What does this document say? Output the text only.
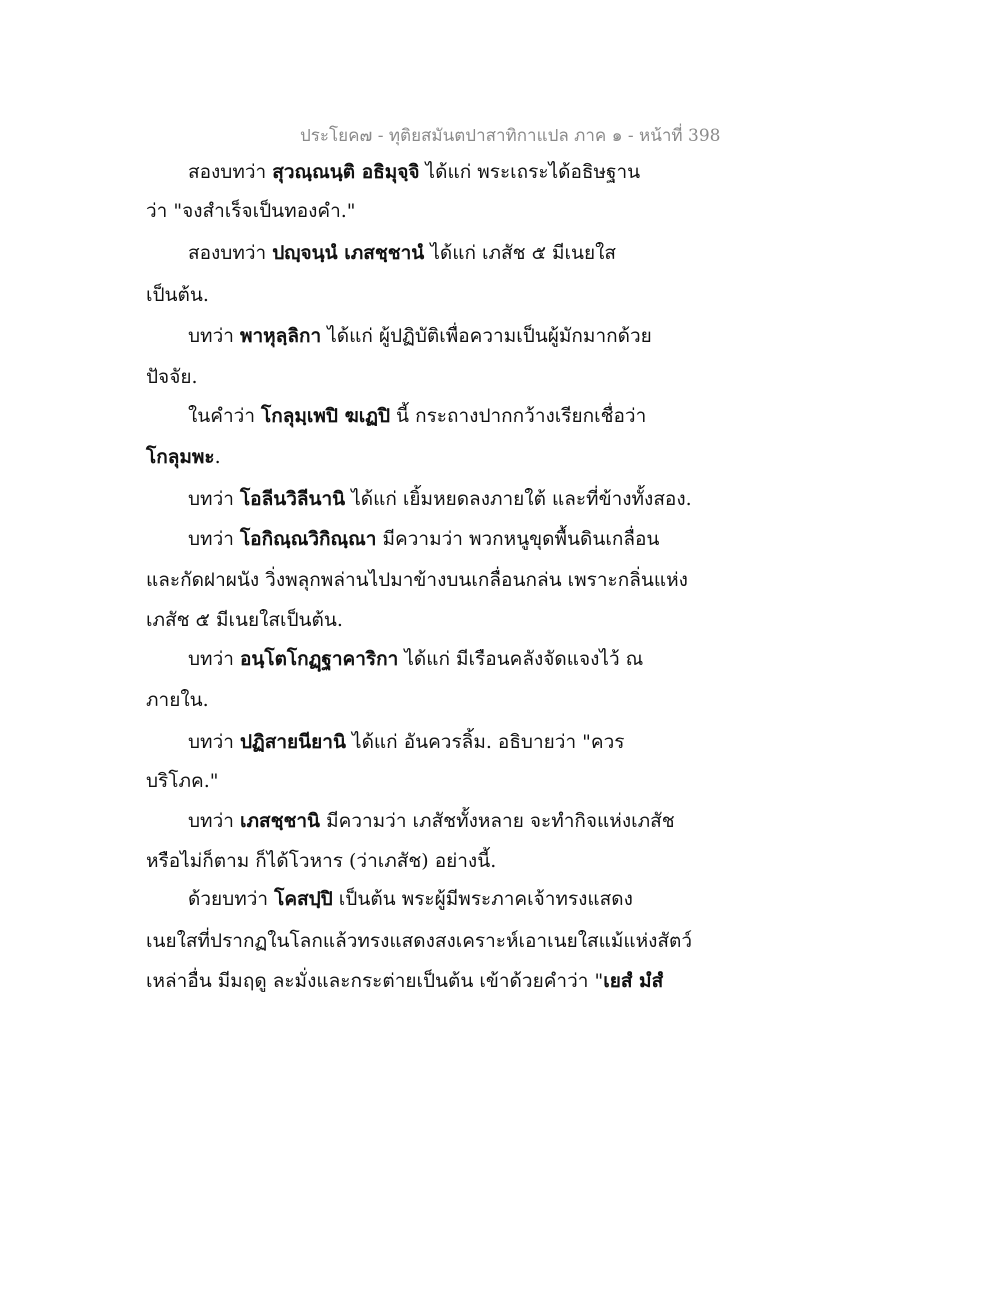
ประโยค๗ - ทุติยสมันตปาสาทิกาแปล ภาค ๑ - หน้าที่ 398
สองบทว่า สุวณฺณนฺติ อธิมุจฺจิ ได้แก่ พระเถระได้อธิษฐาน
ว่า "จงสำเร็จเป็นทองคำ."
สองบทว่า ปญฺจนฺนํ เภสชฺชานํ ได้แก่ เภสัช ๕ มีเนยใส
เป็นต้น.
บทว่า พาหุลฺลิกา ได้แก่ ผู้ปฏิบัติเพื่อความเป็นผู้มักมากด้วย
ปัจจัย.
ในคำว่า โกลุมฺเพปิ ฆเฏปิ นี้ กระถางปากกว้างเรียกเชื่อว่า
โกลุมพะ.
บทว่า โอลีนวิลีนานิ ได้แก่ เยิ้มหยดลงภายใต้ และที่ข้างทั้งสอง.
บทว่า โอกิณฺณวิกิณฺณา มีความว่า พวกหนูขุดพื้นดินเกลื่อน
และกัดฝาผนัง วิ่งพลุกพล่านไปมาข้างบนเกลื่อนกล่น เพราะกลิ่นแห่ง
เภสัช ๕ มีเนยใสเป็นต้น.
บทว่า อนฺโตโกฏฺฐาคาริกา ได้แก่ มีเรือนคลังจัดแจงไว้ ณ
ภายใน.
บทว่า ปฏิสายนียานิ ได้แก่ อันควรลิ้ม. อธิบายว่า "ควร
บริโภค."
บทว่า เภสชฺชานิ มีความว่า เภสัชทั้งหลาย จะทำกิจแห่งเภสัช
หรือไม่ก็ตาม ก็ได้โวหาร (ว่าเภสัช) อย่างนี้.
ด้วยบทว่า โคสปฺปิ เป็นต้น พระผู้มีพระภาคเจ้าทรงแสดง
เนยใสที่ปรากฏในโลกแล้วทรงแสดงสงเคราะห์เอาเนยใสแม้แห่งสัตว์
เหล่าอื่น มีมฤดู ละมั่งและกระต่ายเป็นต้น เข้าด้วยคำว่า "เยสํ มํสํ
